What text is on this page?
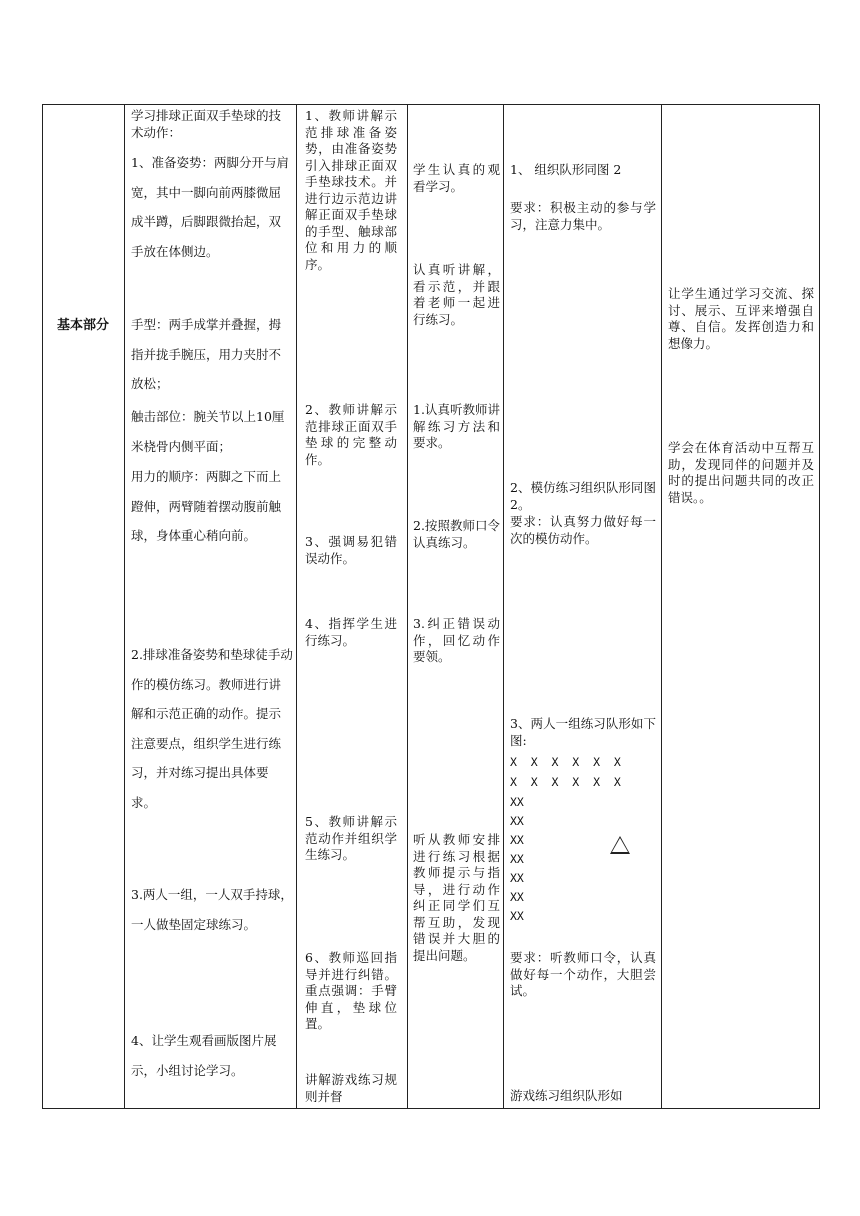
基本部分

学习排球正面双手垫球的技术动作：

1、准备姿势：两脚分开与肩宽，其中一脚向前两膝微屈成半蹲，后脚跟微抬起，双手放在体侧边。

手型：两手成掌并叠握，拇指并拢手腕压，用力夹肘不放松；

触击部位：腕关节以上10厘米桡骨内侧平面；

用力的顺序：两脚之下而上蹬伸，两臂随着摆动腹前触球，身体重心稍向前。

2.排球准备姿势和垫球徒手动作的模仿练习。教师进行讲解和示范正确的动作。提示注意要点，组织学生进行练习，并对练习提出具体要求。

3.两人一组，一人双手持球，一人做垫固定球练习。

4、让学生观看画版图片展示，小组讨论学习。

1、教师讲解示范排球准备姿势，由准备姿势引入排球正面双手垫球技术。并进行边示范边讲解正面双手垫球的手型、触球部位和用力的顺序。
2、教师讲解示范排球正面双手垫球的完整动作。
3、强调易犯错误动作。
4、指挥学生进行练习。
5、教师讲解示范动作并组织学生练习。
6、教师巡回指导并进行纠错。重点强调：手臂伸直，垫球位置。
讲解游戏练习规则并督
学生认真的观看学习。
认真听讲解，看示范，并跟着老师一起进行练习。
1.认真听教师讲解练习方法和要求。
2.按照教师口令认真练习。
3.纠正错误动作，回忆动作要领。
听从教师安排进行练习根据教师提示与指导，进行动作纠正同学们互帮互助，发现错误并大胆的提出问题。
1、 组织队形同图 2
要求：积极主动的参与学习，注意力集中。
2、模仿练习组织队形同图 2。
要求：认真努力做好每一次的模仿动作。
3、两人一组练习队形如下图:
X  X  X  X  X  X
X  X  X  X  X  X
XX
XX
XX
XX
XX
XX
XX
要求：听教师口令，认真做好每一个动作，大胆尝试。
游戏练习组织队形如
让学生通过学习交流、探讨、展示、互评来增强自尊、自信。发挥创造力和想像力。
学会在体育活动中互帮互助，发现同伴的问题并及时的提出问题共同的改正错误。。
